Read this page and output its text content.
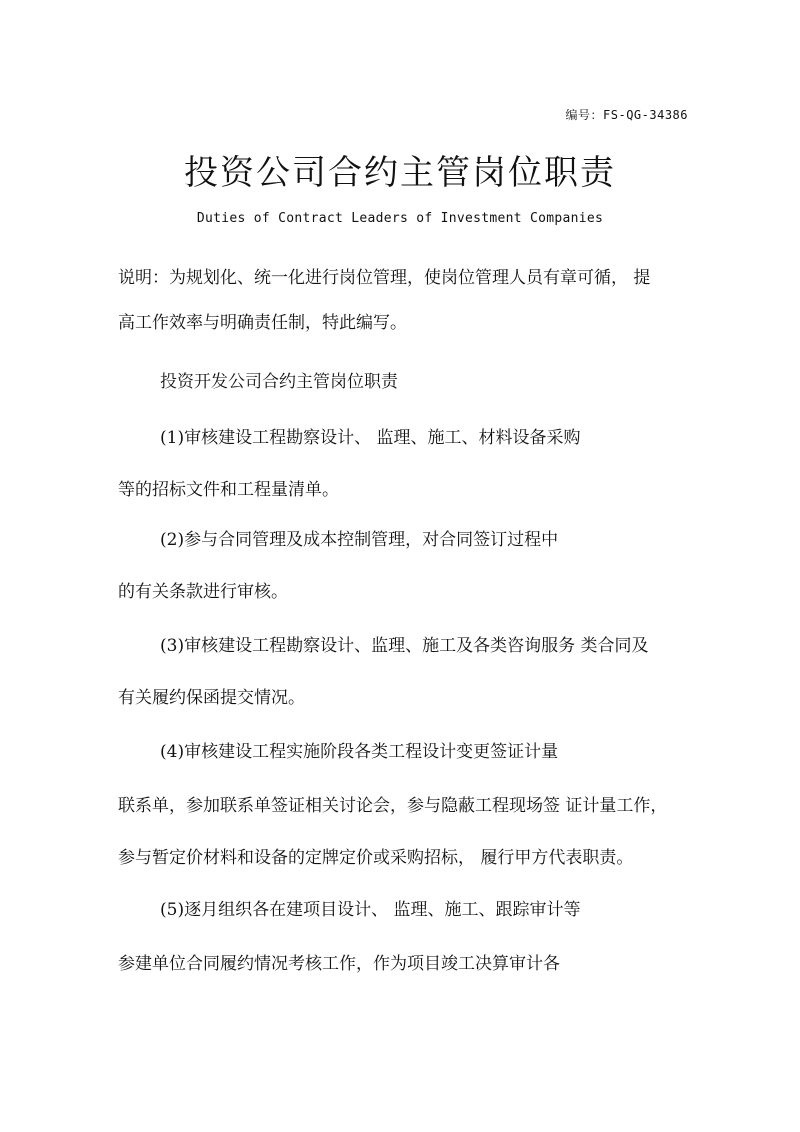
编号：FS-QG-34386
投资公司合约主管岗位职责
Duties of Contract Leaders of Investment Companies
说明：为规划化、统一化进行岗位管理，使岗位管理人员有章可循， 提
高工作效率与明确责任制，特此编写。
投资开发公司合约主管岗位职责
(1)审核建设工程勘察设计、 监理、施工、材料设备采购
等的招标文件和工程量清单。
(2)参与合同管理及成本控制管理，对合同签订过程中
的有关条款进行审核。
(3)审核建设工程勘察设计、监理、施工及各类咨询服务 类合同及
有关履约保函提交情况。
(4)审核建设工程实施阶段各类工程设计变更签证计量
联系单，参加联系单签证相关讨论会，参与隐蔽工程现场签 证计量工作，
参与暂定价材料和设备的定牌定价或采购招标， 履行甲方代表职责。
(5)逐月组织各在建项目设计、 监理、施工、跟踪审计等
参建单位合同履约情况考核工作，作为项目竣工决算审计各
